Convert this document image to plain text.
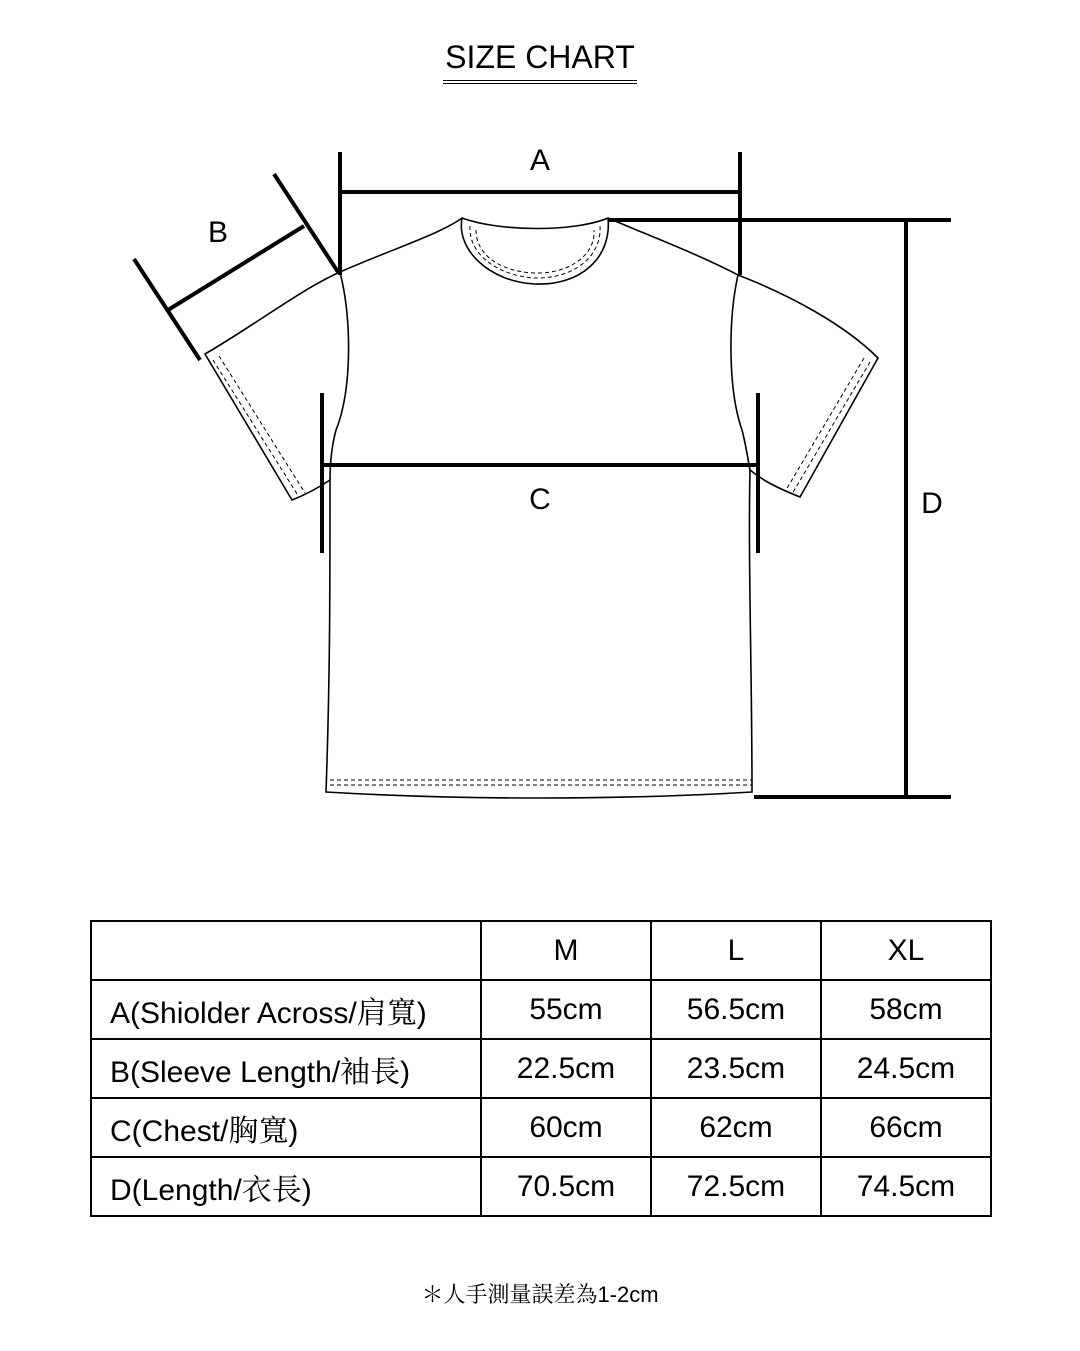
SIZE CHART
A
B
C	D
	M	L	XL
A(Shiolder Across/肩寬)	55cm	56.5cm	58cm
B(Sleeve Length/袖長)	22.5cm	23.5cm	24.5cm
C(Chest/胸寬)	60cm	62cm	66cm
D(Length/衣長)	70.5cm	72.5cm	74.5cm
＊人手測量誤差為1-2cm
